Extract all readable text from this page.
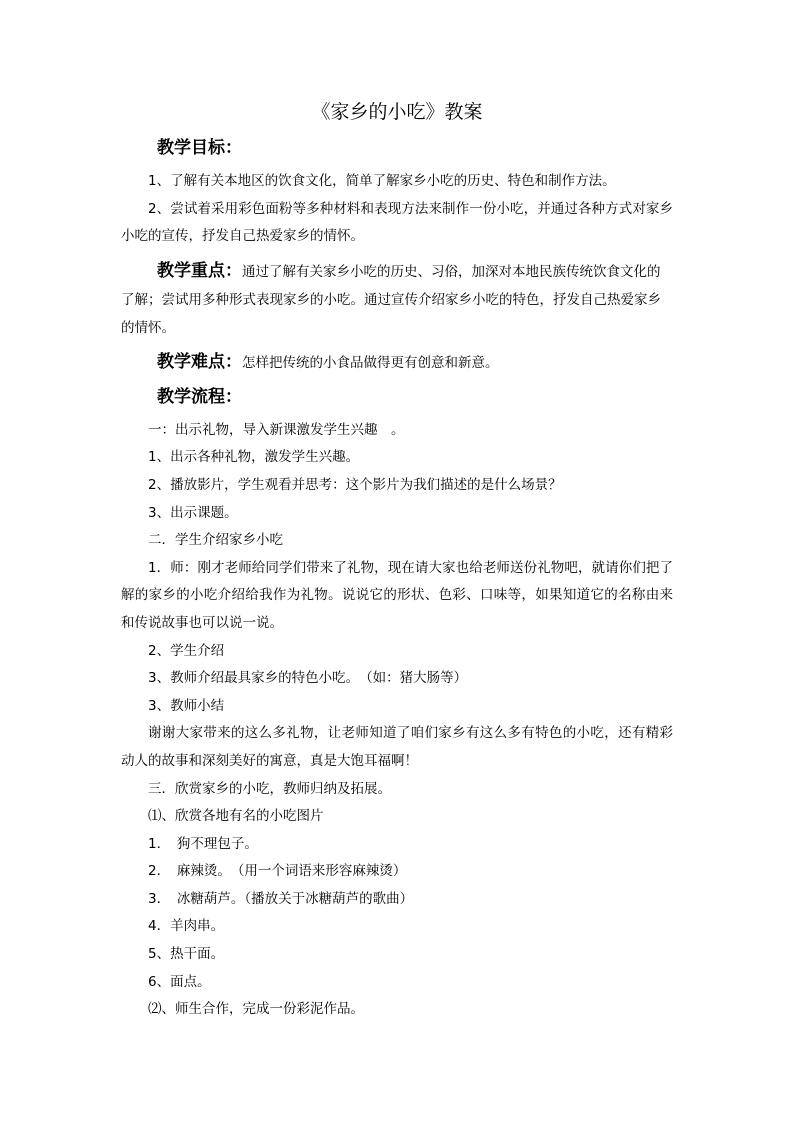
《家乡的小吃》教案
教学目标：

1、了解有关本地区的饮食文化，简单了解家乡小吃的历史、特色和制作方法。

2、尝试着采用彩色面粉等多种材料和表现方法来制作一份小吃，并通过各种方式对家乡小吃的宣传，抒发自己热爱家乡的情怀。

教学重点：通过了解有关家乡小吃的历史、习俗，加深对本地民族传统饮食文化的了解；尝试用多种形式表现家乡的小吃。通过宣传介绍家乡小吃的特色，抒发自己热爱家乡的情怀。

教学难点：怎样把传统的小食品做得更有创意和新意。

教学流程：

一：出示礼物，导入新课激发学生兴趣　。

1、出示各种礼物，激发学生兴趣。

2、播放影片，学生观看并思考：这个影片为我们描述的是什么场景？

3、出示课题。

二．学生介绍家乡小吃

1．师：刚才老师给同学们带来了礼物，现在请大家也给老师送份礼物吧，就请你们把了解的家乡的小吃介绍给我作为礼物。说说它的形状、色彩、口味等，如果知道它的名称由来和传说故事也可以说一说。

2、学生介绍

3、教师介绍最具家乡的特色小吃。　（如：猪大肠等）

3、教师小结

谢谢大家带来的这么多礼物，让老师知道了咱们家乡有这么多有特色的小吃，还有精彩动人的故事和深刻美好的寓意，真是大饱耳福啊！

三．欣赏家乡的小吃，教师归纳及拓展。

⑴、欣赏各地有名的小吃图片

1．　狗不理包子。

2．　麻辣烫。　（用一个词语来形容麻辣烫）

3．　冰糖葫芦。（播放关于冰糖葫芦的歌曲）

4．羊肉串。

5、热干面。

6、面点。

⑵、师生合作，完成一份彩泥作品。
